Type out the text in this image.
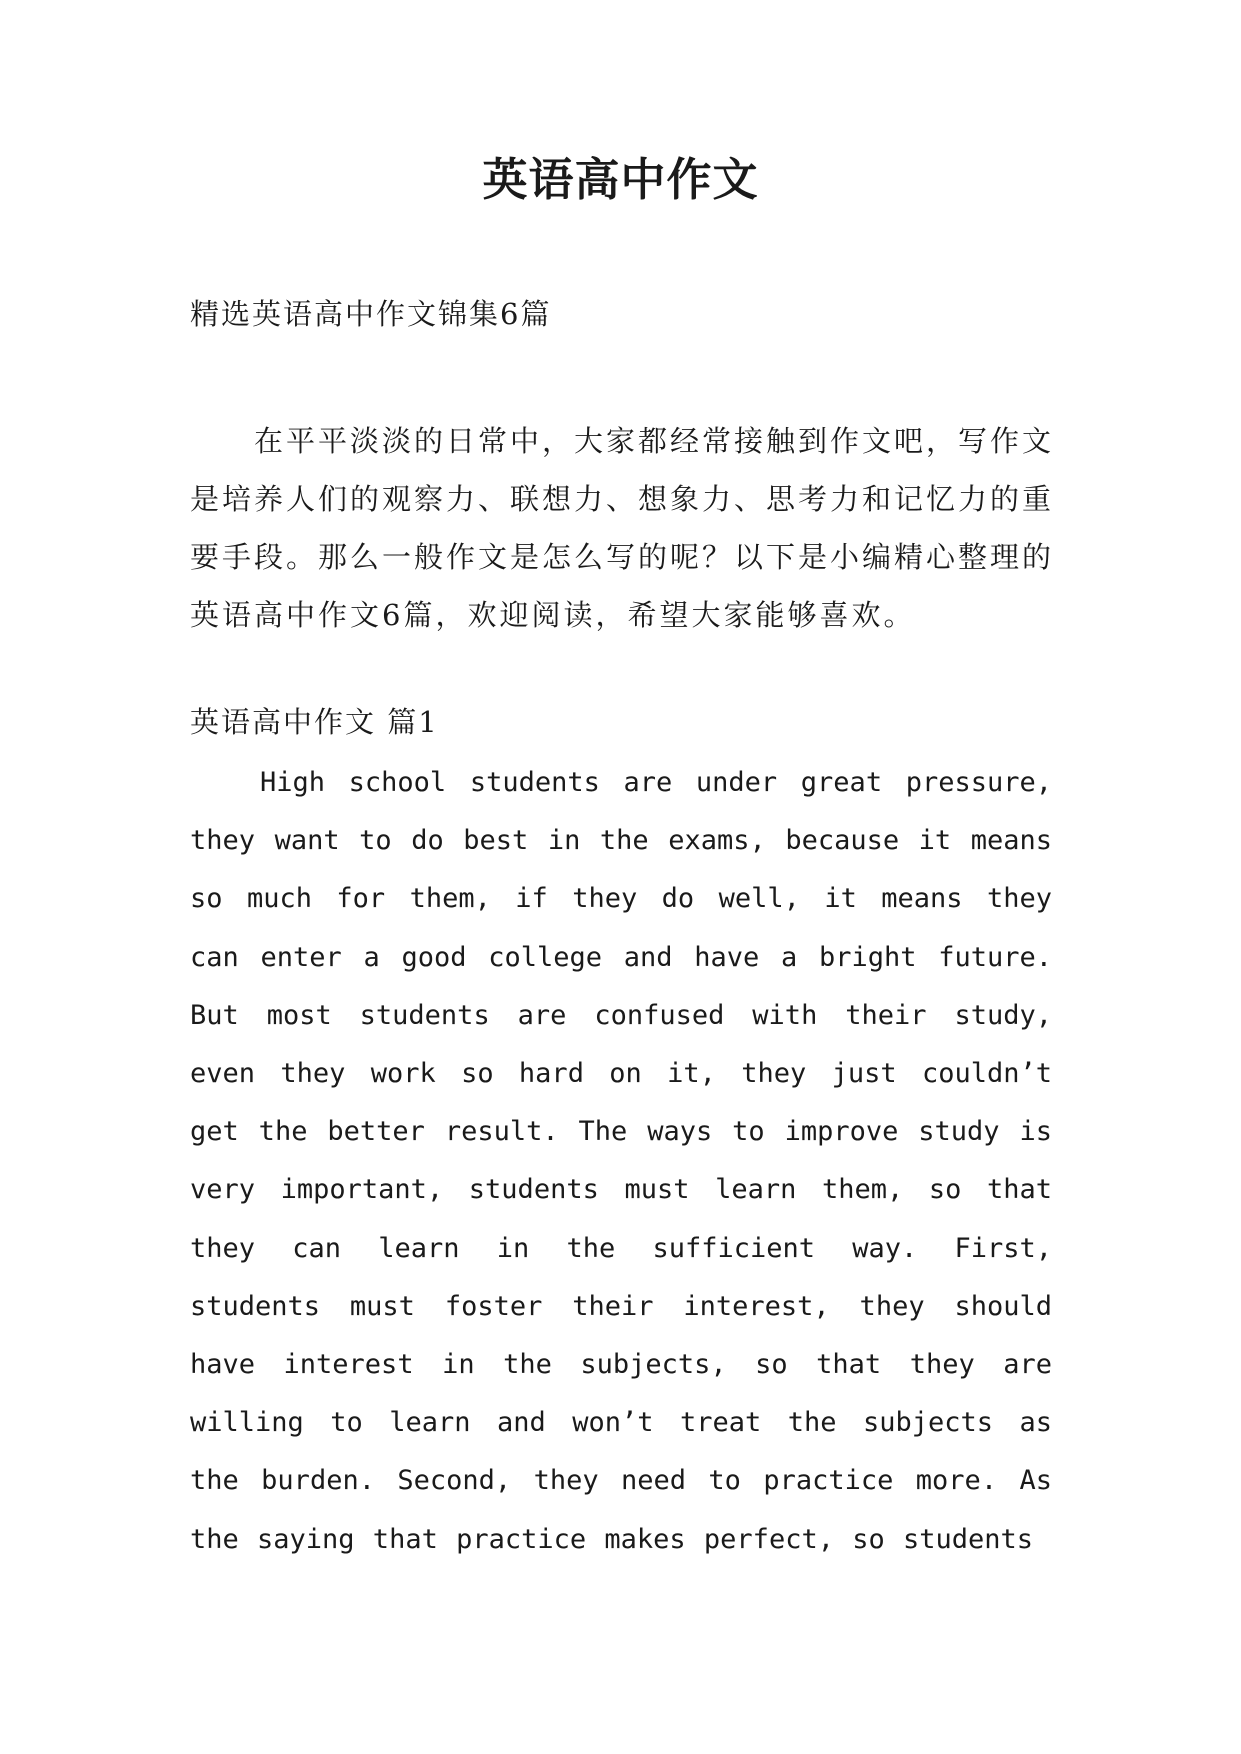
英语高中作文
精选英语高中作文锦集6篇

在平平淡淡的日常中，大家都经常接触到作文吧，写作文是培养人们的观察力、联想力、想象力、思考力和记忆力的重要手段。那么一般作文是怎么写的呢？以下是小编精心整理的英语高中作文6篇，欢迎阅读，希望大家能够喜欢。

英语高中作文 篇1

High school students are under great pressure, they want to do best in the exams, because it means so much for them, if they do well, it means they can enter a good college and have a bright future. But most students are confused with their study, even they work so hard on it, they just couldn’t get the better result. The ways to improve study is very important, students must learn them, so that they can learn in the sufficient way. First, students must foster their interest, they should have interest in the subjects, so that they are willing to learn and won’t treat the subjects as the burden. Second, they need to practice more. As the saying that practice makes perfect, so students
